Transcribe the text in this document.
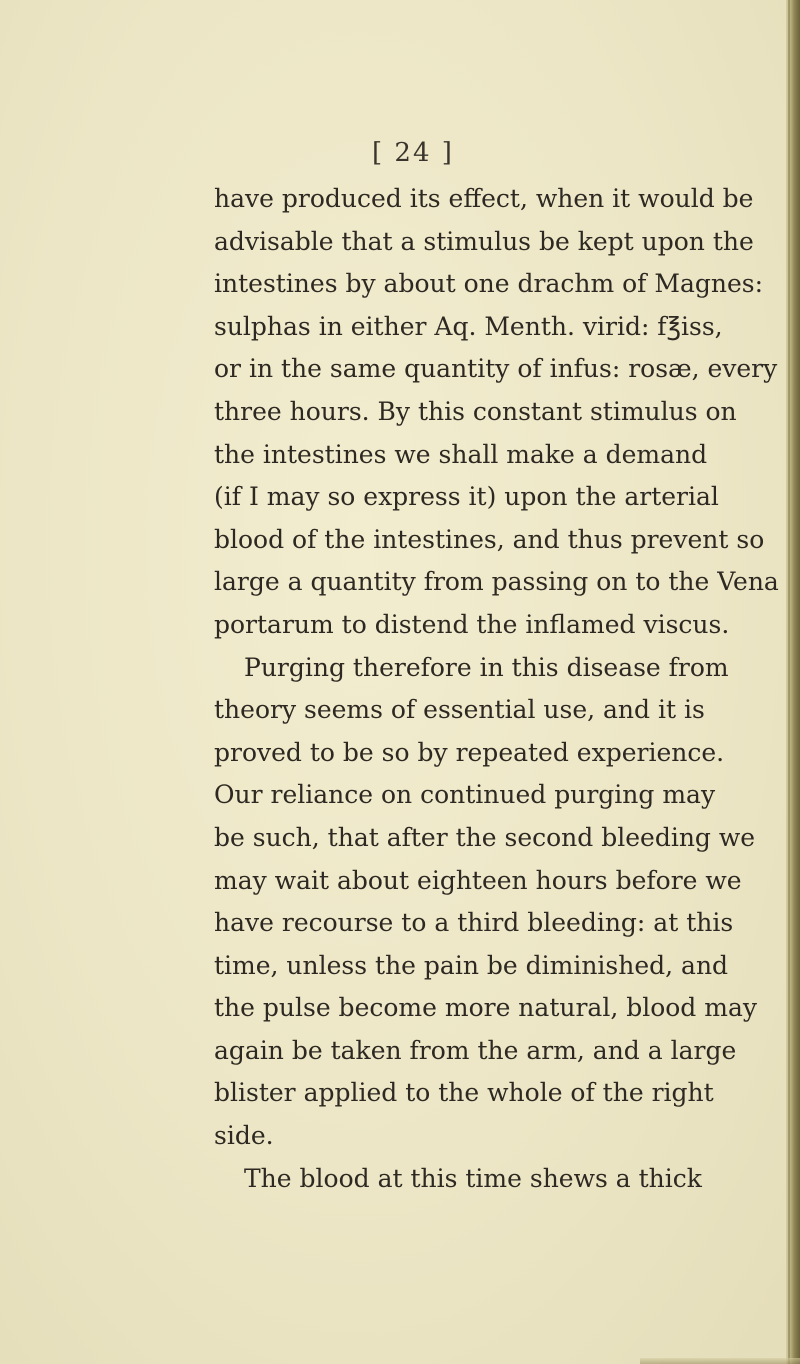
[ 24 ]
have produced its effect, when it would be
advisable that a stimulus be kept upon the
intestines by about one drachm of Magnes:
sulphas in either Aq. Menth. virid: f℥iss,
or in the same quantity of infus: rosæ, every
three hours. By this constant stimulus on
the intestines we shall make a demand
(if I may so express it) upon the arterial
blood of the intestines, and thus prevent so
large a quantity from passing on to the Vena
portarum to distend the inflamed viscus.
Purging therefore in this disease from
theory seems of essential use, and it is
proved to be so by repeated experience.
Our reliance on continued purging may
be such, that after the second bleeding we
may wait about eighteen hours before we
have recourse to a third bleeding: at this
time, unless the pain be diminished, and
the pulse become more natural, blood may
again be taken from the arm, and a large
blister applied to the whole of the right
side.
The blood at this time shews a thick
